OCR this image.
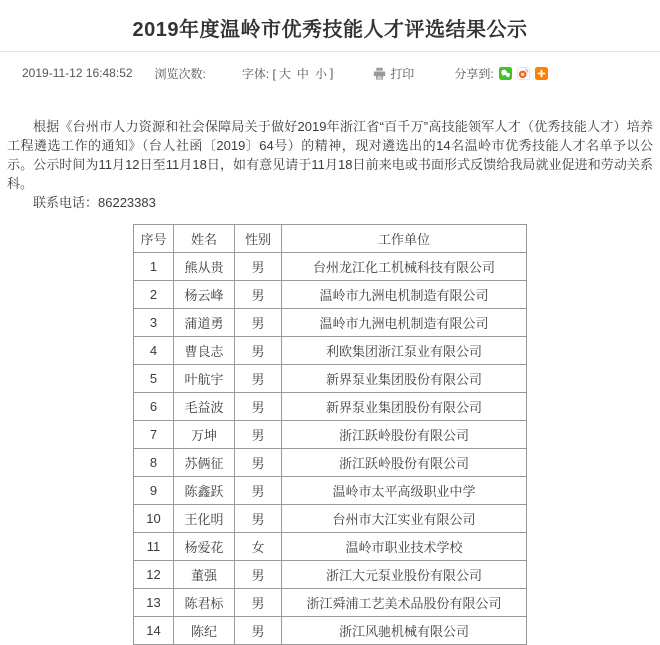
2019年度温岭市优秀技能人才评选结果公示
2019-11-12 16:48:52 浏览次数:	字体: [ 大 中 小 ]	打印	分享到:

根据《台州市人力资源和社会保障局关于做好2019年浙江省“百千万”高技能领军人才（优秀技能人才）培养工程遴选工作的通知》（台人社函〔2019〕64号）的精神，现对遴选出的14名温岭市优秀技能人才名单予以公示。公示时间为11月12日至11月18日，如有意见请于11月18日前来电或书面形式反馈给我局就业促进和劳动关系科。

联系电话：86223383

序号	姓名	性别	工作单位
1	熊从贵	男	台州龙江化工机械科技有限公司
2	杨云峰	男	温岭市九洲电机制造有限公司
3	蒲道勇	男	温岭市九洲电机制造有限公司
4	曹良志	男	利欧集团浙江泵业有限公司
5	叶航宇	男	新界泵业集团股份有限公司
6	毛益波	男	新界泵业集团股份有限公司
7	万坤	男	浙江跃岭股份有限公司
8	苏俩征	男	浙江跃岭股份有限公司
9	陈鑫跃	男	温岭市太平高级职业中学
10	王化明	男	台州市大江实业有限公司
11	杨爱花	女	温岭市职业技术学校
12	董强	男	浙江大元泵业股份有限公司
13	陈君标	男	浙江舜浦工艺美术品股份有限公司
14	陈纪	男	浙江风驰机械有限公司
